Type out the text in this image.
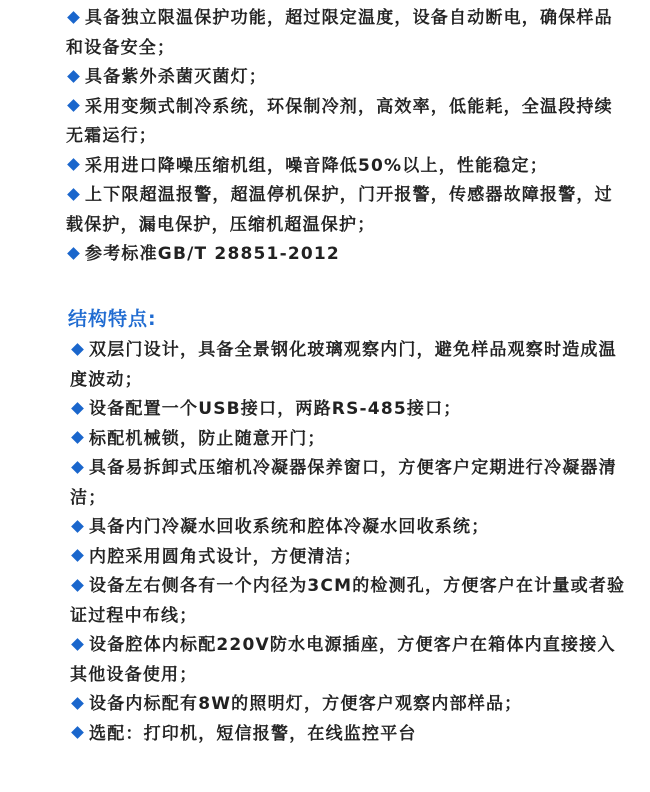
具备独立限温保护功能，超过限定温度，设备自动断电，确保样品和设备安全；
具备紫外杀菌灭菌灯；
采用变频式制冷系统，环保制冷剂，高效率，低能耗，全温段持续无霜运行；
采用进口降噪压缩机组，噪音降低50%以上，性能稳定；
上下限超温报警，超温停机保护，门开报警，传感器故障报警，过载保护，漏电保护，压缩机超温保护；
参考标准GB/T 28851-2012
结构特点:
双层门设计，具备全景钢化玻璃观察内门，避免样品观察时造成温度波动；
设备配置一个USB接口，两路RS-485接口；
标配机械锁，防止随意开门；
具备易拆卸式压缩机冷凝器保养窗口，方便客户定期进行冷凝器清洁；
具备内门冷凝水回收系统和腔体冷凝水回收系统；
内腔采用圆角式设计，方便清洁；
设备左右侧各有一个内径为3CM的检测孔，方便客户在计量或者验证过程中布线；
设备腔体内标配220V防水电源插座，方便客户在箱体内直接接入其他设备使用；
设备内标配有8W的照明灯，方便客户观察内部样品；
选配：打印机，短信报警，在线监控平台
